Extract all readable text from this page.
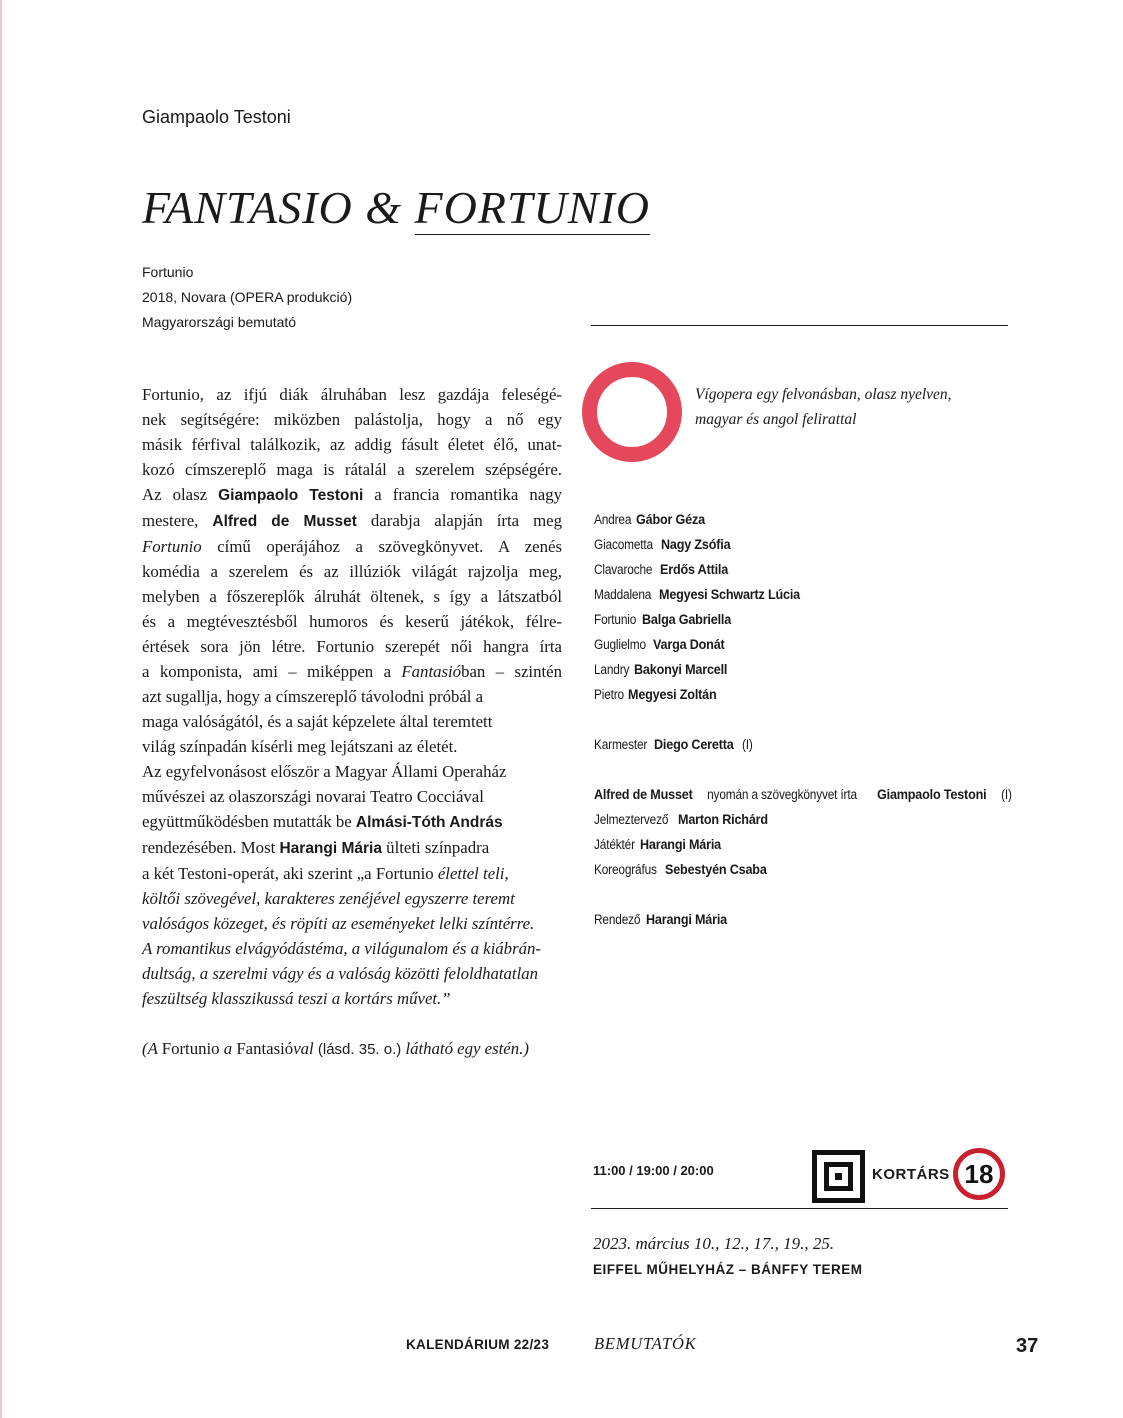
Giampaolo Testoni
FANTASIO & FORTUNIO
Fortunio
2018, Novara (OPERA produkció)
Magyarországi bemutató
Vígopera egy felvonásban, olasz nyelven,
magyar és angol felirattal
Fortunio, az ifjú diák álruhában lesz gazdája feleségé-
nek segítségére: miközben palástolja, hogy a nő egy
másik férfival találkozik, az addig fásult életet élő, unat-
kozó címszereplő maga is rátalál a szerelem szépségére.
Az olasz Giampaolo Testoni a francia romantika nagy
mestere, Alfred de Musset darabja alapján írta meg
Fortunio című operájához a szövegkönyvet. A zenés
komédia a szerelem és az illúziók világát rajzolja meg,
melyben a főszereplők álruhát öltenek, s így a látszatból
és a megtévesztésből humoros és keserű játékok, félre-
értések sora jön létre. Fortunio szerepét női hangra írta
a komponista, ami – miképpen a Fantasióban – szintén
azt sugallja, hogy a címszereplő távolodni próbál a
maga valóságától, és a saját képzelete által teremtett
világ színpadán kísérli meg lejátszani az életét.
Az egyfelvonásost először a Magyar Állami Operaház
művészei az olaszországi novarai Teatro Cocciával
együttműködésben mutatták be Almási-Tóth András
rendezésében. Most Harangi Mária ülteti színpadra
a két Testoni-operát, aki szerint „a Fortunio élettel teli,
költői szövegével, karakteres zenéjével egyszerre teremt
valóságos közeget, és röpíti az eseményeket lelki színtérre.
A romantikus elvágyódástéma, a világunalom és a kiábrán-
dultság, a szerelmi vágy és a valóság közötti feloldhatatlan
feszültség klasszikussá teszi a kortárs művet.”

(A Fortunio a Fantasióval (lásd. 35. o.) látható egy estén.)
Andrea Gábor Géza
Giacometta Nagy Zsófia
Clavaroche Erdős Attila
Maddalena Megyesi Schwartz Lúcia
Fortunio Balga Gabriella
Guglielmo Varga Donát
Landry Bakonyi Marcell
Pietro Megyesi Zoltán
Karmester Diego Ceretta(I)
Alfred de Musset nyomán a szövegkönyvet írta Giampaolo Testoni (I)
Jelmeztervező Marton Richárd
Játéktér Harangi Mária
Koreográfus Sebestyén Csaba
Rendező Harangi Mária
11:00 / 19:00 / 20:00	KORTÁRS 18
2023. március 10., 12., 17., 19., 25.
EIFFEL MŰHELYHÁZ – BÁNFFY TEREM
KALENDÁRIUM 22/23	BEMUTATÓK	37
